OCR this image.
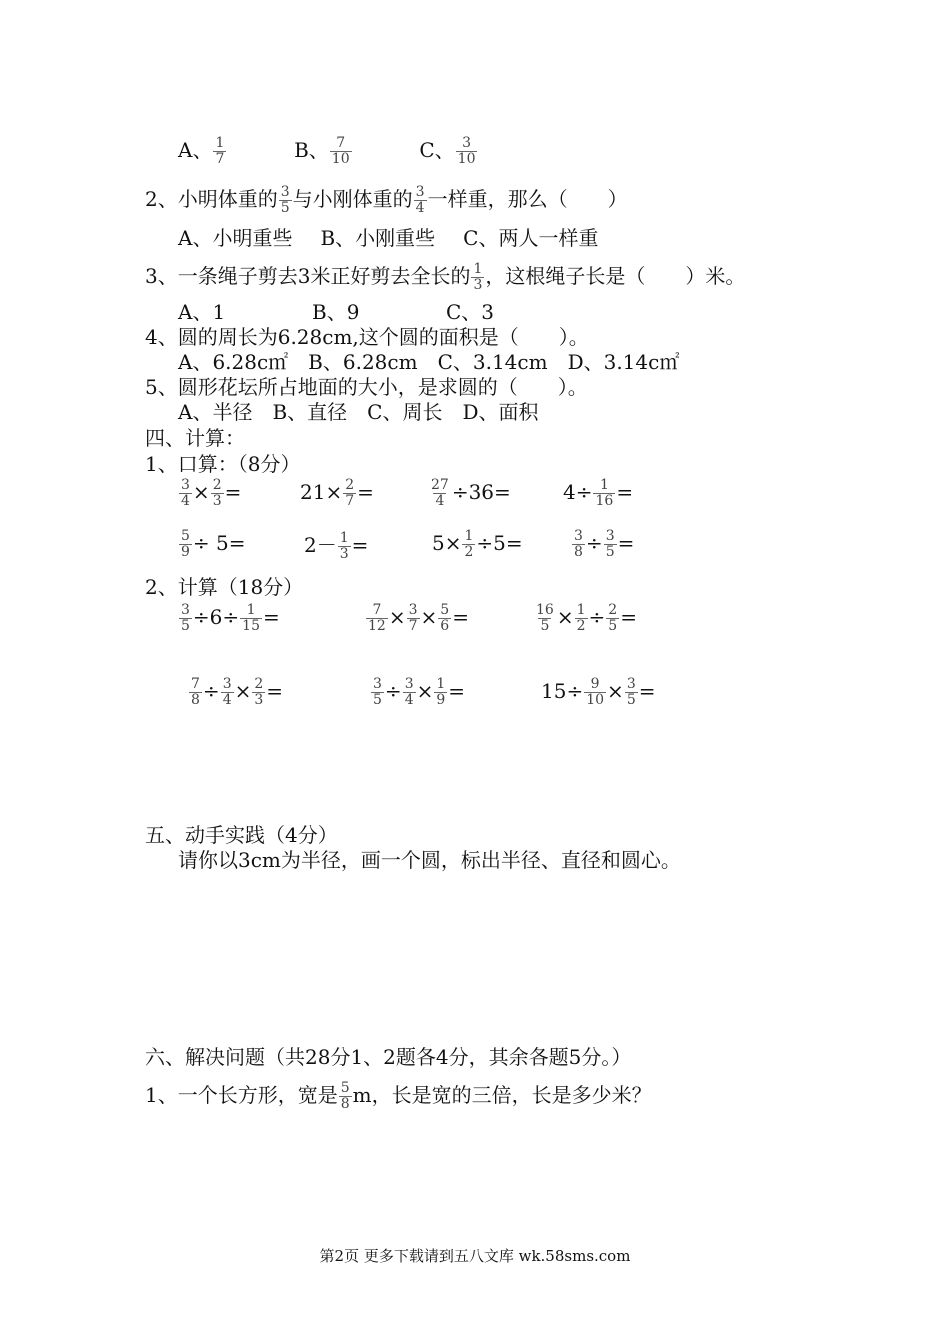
A、 $\frac{1}{7}$	B、 $\frac{7}{10}$	C、 $\frac{3}{10}$
2、小明体重的 $\frac{3}{5}$ 与小刚体重的 $\frac{3}{4}$ 一样重，那么（　　）
A、小明重些 B、小刚重些 C、两人一样重
3、一条绳子剪去3米正好剪去全长的 $\frac{1}{3}$ ，这根绳子长是（　　）米。
A、1	B、9	C、3
4、圆的周长为6.28cm,这个圆的面积是（　　）。
A、6.28c㎡　B、6.28cm　C、3.14cm　D、3.14c㎡
5、圆形花坛所占地面的大小，是求圆的（　　）。
A、半径　B、直径　C、周长　D、面积
四、计算：
1、口算：（8分）
$\frac{3}{4} \times \frac{2}{3}$ =	$21\times \frac{2}{7}$ =	$\frac{27}{4} \div 36=$	$4\div \frac{1}{16}$ =
$\frac{5}{9} \div 5=$	$2- \frac{1}{3}$ =	$5\times \frac{1}{2} \div 5=$	$\frac{3}{8} \div \frac{3}{5}$ =
2、计算（18分）
$\frac{3}{5} \div 6\div \frac{1}{15}$ =	$\frac{7}{12} \times \frac{3}{7} \times \frac{5}{6}$ =	$\frac{16}{5} \times \frac{1}{2} \div \frac{2}{5}$ =
$\frac{7}{8} \div \frac{3}{4} \times \frac{2}{3}$ =	$\frac{3}{5} \div \frac{3}{4} \times \frac{1}{9}$ =	$15\div \frac{9}{10} \times \frac{3}{5}$ =
五、动手实践（4分）
请你以3cm为半径，画一个圆，标出半径、直径和圆心。
六、解决问题（共28分1、2题各4分，其余各题5分。）
1、一个长方形，宽是 $\frac{5}{8}$ m，长是宽的三倍，长是多少米？
第2页 更多下载请到五八文库 wk.58sms.com
